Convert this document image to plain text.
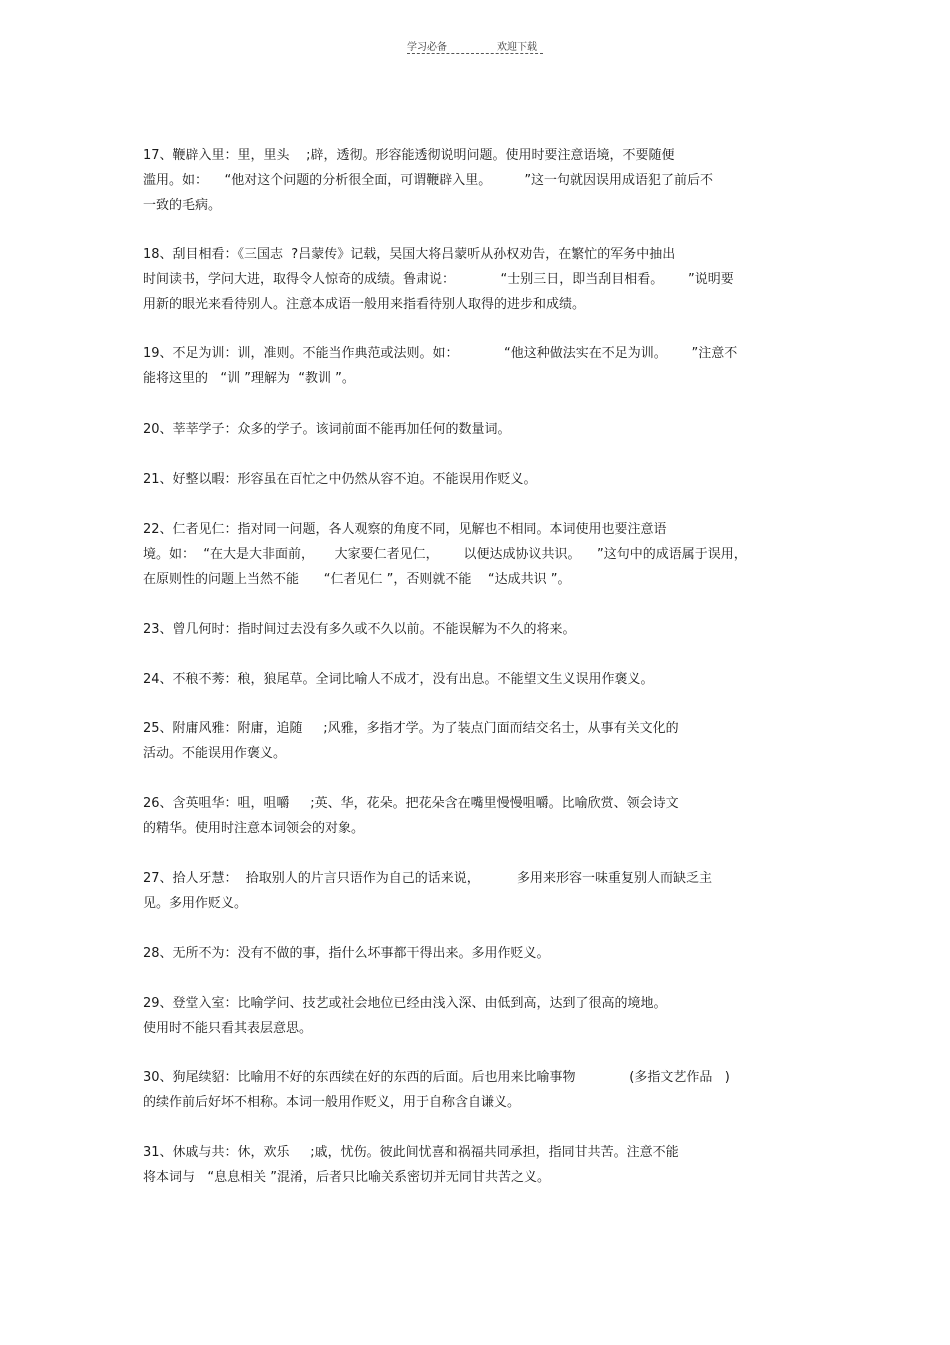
学习必备	欢迎下载
17、鞭辟入里：里，里头    ;辟，透彻。形容能透彻说明问题。使用时要注意语境，不要随便
滥用。如：    “他对这个问题的分析很全面，可谓鞭辟入里。        ”这一句就因误用成语犯了前后不
一致的毛病。
18、刮目相看：《三国志  ?吕蒙传》记载，吴国大将吕蒙听从孙权劝告，在繁忙的军务中抽出
时间读书，学问大进，取得令人惊奇的成绩。鲁肃说：           “士别三日，即当刮目相看。      ”说明要
用新的眼光来看待别人。注意本成语一般用来指看待别人取得的进步和成绩。
19、不足为训：训，准则。不能当作典范或法则。如：           “他这种做法实在不足为训。      ”注意不
能将这里的   “训 ”理解为  “教训 ”。
20、莘莘学子：众多的学子。该词前面不能再加任何的数量词。
21、好整以暇：形容虽在百忙之中仍然从容不迫。不能误用作贬义。
22、仁者见仁：指对同一问题，各人观察的角度不同，见解也不相同。本词使用也要注意语
境。如：  “在大是大非面前，     大家要仁者见仁，      以便达成协议共识。    ”这句中的成语属于误用，
在原则性的问题上当然不能      “仁者见仁 ”，否则就不能    “达成共识 ”。
23、曾几何时：指时间过去没有多久或不久以前。不能误解为不久的将来。
24、不稂不莠：稂，狼尾草。全词比喻人不成才，没有出息。不能望文生义误用作褒义。
25、附庸风雅：附庸，追随     ;风雅，多指才学。为了装点门面而结交名士，从事有关文化的
活动。不能误用作褒义。
26、含英咀华：咀，咀嚼     ;英、华，花朵。把花朵含在嘴里慢慢咀嚼。比喻欣赏、领会诗文
的精华。使用时注意本词领会的对象。
27、拾人牙慧：  拾取别人的片言只语作为自己的话来说，         多用来形容一味重复别人而缺乏主
见。多用作贬义。
28、无所不为：没有不做的事，指什么坏事都干得出来。多用作贬义。
29、登堂入室：比喻学问、技艺或社会地位已经由浅入深、由低到高，达到了很高的境地。
使用时不能只看其表层意思。
30、狗尾续貂：比喻用不好的东西续在好的东西的后面。后也用来比喻事物             (多指文艺作品   )
的续作前后好坏不相称。本词一般用作贬义，用于自称含自谦义。
31、休戚与共：休，欢乐     ;戚，忧伤。彼此间忧喜和祸福共同承担，指同甘共苦。注意不能
将本词与   “息息相关 ”混淆，后者只比喻关系密切并无同甘共苦之义。
